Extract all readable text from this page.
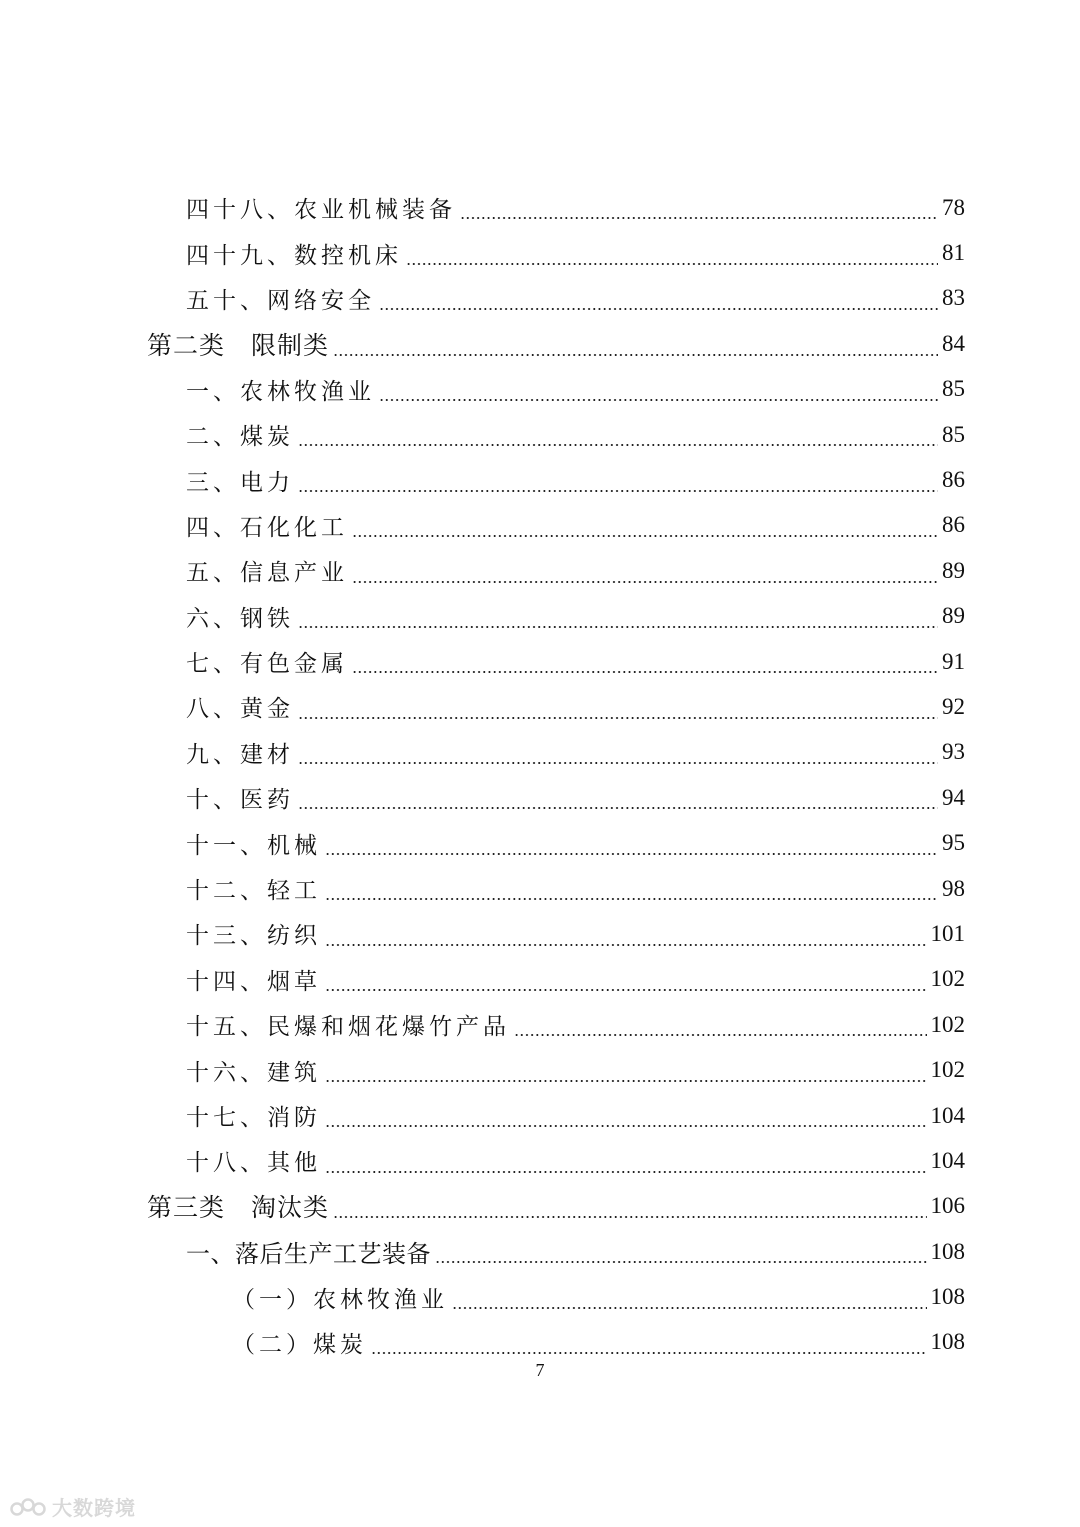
四十八、农业机械装备	78
四十九、数控机床	81
五十、网络安全	83
第二类　限制类	84
一、农林牧渔业	85
二、煤炭	85
三、电力	86
四、石化化工	86
五、信息产业	89
六、钢铁	89
七、有色金属	91
八、黄金	92
九、建材	93
十、医药	94
十一、机械	95
十二、轻工	98
十三、纺织	101
十四、烟草	102
十五、民爆和烟花爆竹产品	102
十六、建筑	102
十七、消防	104
十八、其他	104
第三类　淘汰类	106
一、落后生产工艺装备	108
（一）农林牧渔业	108
（二）煤炭	108
7
大数跨境
